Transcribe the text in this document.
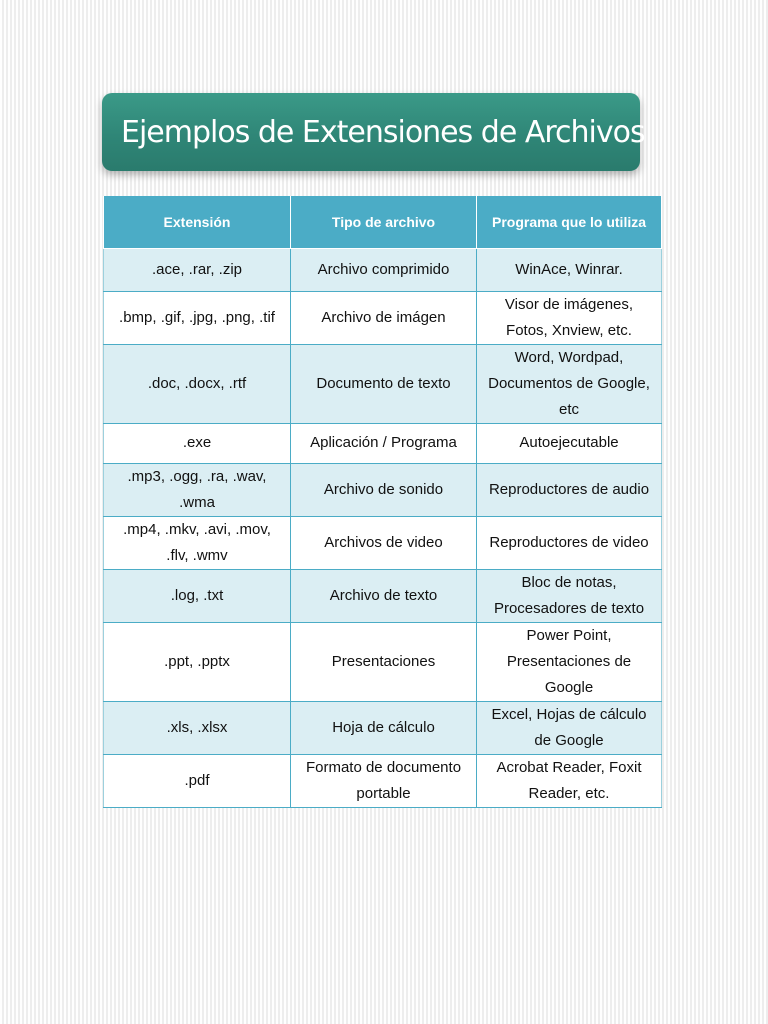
Ejemplos de Extensiones de Archivos
Extensión	Tipo de archivo	Programa que lo utiliza
.ace, .rar, .zip	Archivo comprimido	WinAce, Winrar.
.bmp, .gif, .jpg, .png, .tif	Archivo de imágen	Visor de imágenes, Fotos, Xnview, etc.
.doc, .docx, .rtf	Documento de texto	Word, Wordpad, Documentos de Google, etc
.exe	Aplicación / Programa	Autoejecutable
.mp3, .ogg, .ra, .wav, .wma	Archivo de sonido	Reproductores de audio
.mp4, .mkv, .avi, .mov, .flv, .wmv	Archivos de video	Reproductores de video
.log, .txt	Archivo de texto	Bloc de notas, Procesadores de texto
.ppt, .pptx	Presentaciones	Power Point, Presentaciones de Google
.xls, .xlsx	Hoja de cálculo	Excel, Hojas de cálculo de Google
.pdf	Formato de documento portable	Acrobat Reader, Foxit Reader, etc.
